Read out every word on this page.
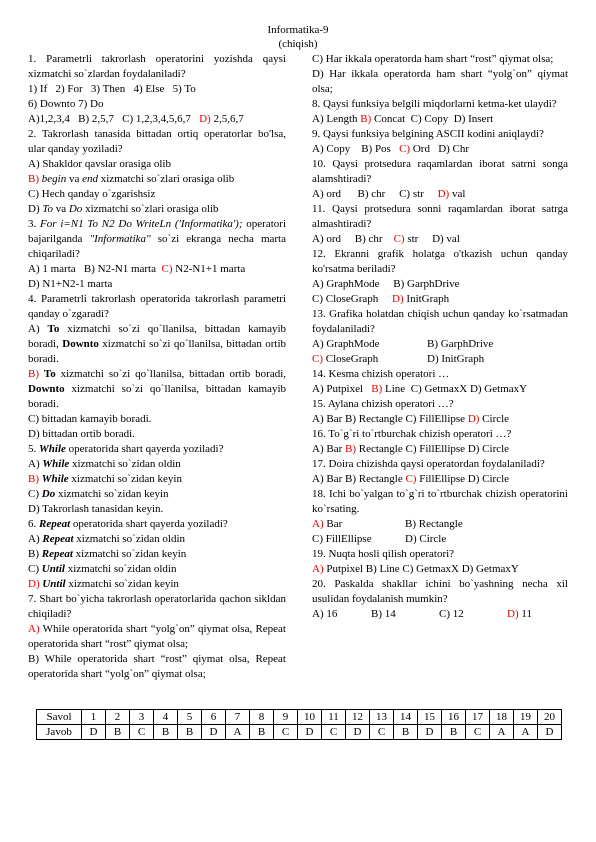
Informatika-9
(chiqish)

1. Parametrli takrorlash operatorini yozishda qaysi xizmatchi so`zlardan foydalaniladi?

1) If   2) For   3) Then   4) Else   5) To

6) Downto 7) Do

A)1,2,3,4   B) 2,5,7   C) 1,2,3,4,5,6,7   D) 2,5,6,7

2. Takrorlash tanasida bittadan ortiq operatorlar bo'lsa, ular qanday yoziladi?

A) Shakldor qavslar orasiga olib

B) begin va end xizmatchi so`zlari orasiga olib

C) Hech qanday o`zgarishsiz

D) To va Do xizmatchi so`zlari orasiga olib

3. For i=N1 To N2 Do WriteLn ('Informatika'); operatori bajarilganda "Informatika" so`zi ekranga necha marta chiqariladi?

A) 1 marta   B) N2-N1 marta  C) N2-N1+1 marta

D) N1+N2-1 marta

4. Parametrli takrorlash operatorida takrorlash parametri qanday o`zgaradi?

A) To xizmatchi so`zi qo`llanilsa, bittadan kamayib boradi, Downto xizmatchi so`zi qo`llanilsa, bittadan ortib boradi.

B) To xizmatchi so`zi qo`llanilsa, bittadan ortib boradi, Downto xizmatchi so`zi qo`llanilsa, bittadan kamayib boradi.

C) bittadan kamayib boradi.

D) bittadan ortib boradi.

5. While operatorida shart qayerda yoziladi?

A) While xizmatchi so`zidan oldin

B) While xizmatchi so`zidan keyin

C) Do xizmatchi so`zidan keyin

D) Takrorlash tanasidan keyin.

6. Repeat operatorida shart qayerda yoziladi?

A) Repeat xizmatchi so`zidan oldin

B) Repeat xizmatchi so`zidan keyin

C) Until xizmatchi so`zidan oldin

D) Until xizmatchi so`zidan keyin

7. Shart bo`yicha takrorlash operatorlarida qachon sikldan chiqiladi?

A) While operatorida shart “yolg`on” qiymat olsa, Repeat operatorida shart “rost” qiymat olsa;

B) While operatorida shart “rost” qiymat olsa, Repeat operatorida shart “yolg`on” qiymat olsa;

C) Har ikkala operatorda ham shart “rost” qiymat olsa;

D) Har ikkala operatorda ham shart “yolg`on” qiymat olsa;

8. Qaysi funksiya belgili miqdorlarni ketma-ket ulaydi?

A) Length B) Concat  C) Copy  D) Insert

9. Qaysi funksiya belgining ASCII kodini aniqlaydi?

A) Copy    B) Pos   C) Ord   D) Chr

10. Qaysi protsedura raqamlardan iborat satrni songa alamshtiradi?

A) ord      B) chr     C) str     D) val

11. Qaysi protsedura sonni raqamlardan iborat satrga almashtiradi?

A) ord     B) chr    C) str     D) val

12. Ekranni grafik holatga o'tkazish uchun qanday ko'rsatma beriladi?

A) GraphMode     B) GarphDrive

C) CloseGraph     D) InitGraph

13. Grafika holatdan chiqish uchun qanday ko`rsatmadan foydalaniladi?

A) GraphMode	B) GarphDrive

C) CloseGraph	D) InitGraph

14. Kesma chizish operatori …

A) Putpixel   B) Line  C) GetmaxX D) GetmaxY

15. Aylana chizish operatori …?

A) Bar B) Rectangle C) FillEllipse D) Circle

16. To`g`ri to`rtburchak chizish operatori …?

A) Bar B) Rectangle C) FillEllipse D) Circle

17. Doira chizishda qaysi operatordan foydalaniladi?

A) Bar B) Rectangle C) FillEllipse D) Circle

18. Ichi bo`yalgan to`g`ri to`rtburchak chizish operatorini ko`rsating.

A) Bar	B) Rectangle

C) FillEllipse	D) Circle

19. Nuqta hosli qilish operatori?

A) Putpixel B) Line C) GetmaxX D) GetmaxY

20. Paskalda shakllar ichini bo`yashning necha xil usulidan foydalanish mumkin?

A) 16	B) 14	C) 12	D) 11

Savol	1	2	3	4	5	6	7	8	9	10	11	12	13	14	15	16	17	18	19	20
Javob	D	B	C	B	B	D	A	B	C	D	C	D	C	B	D	B	C	A	A	D
